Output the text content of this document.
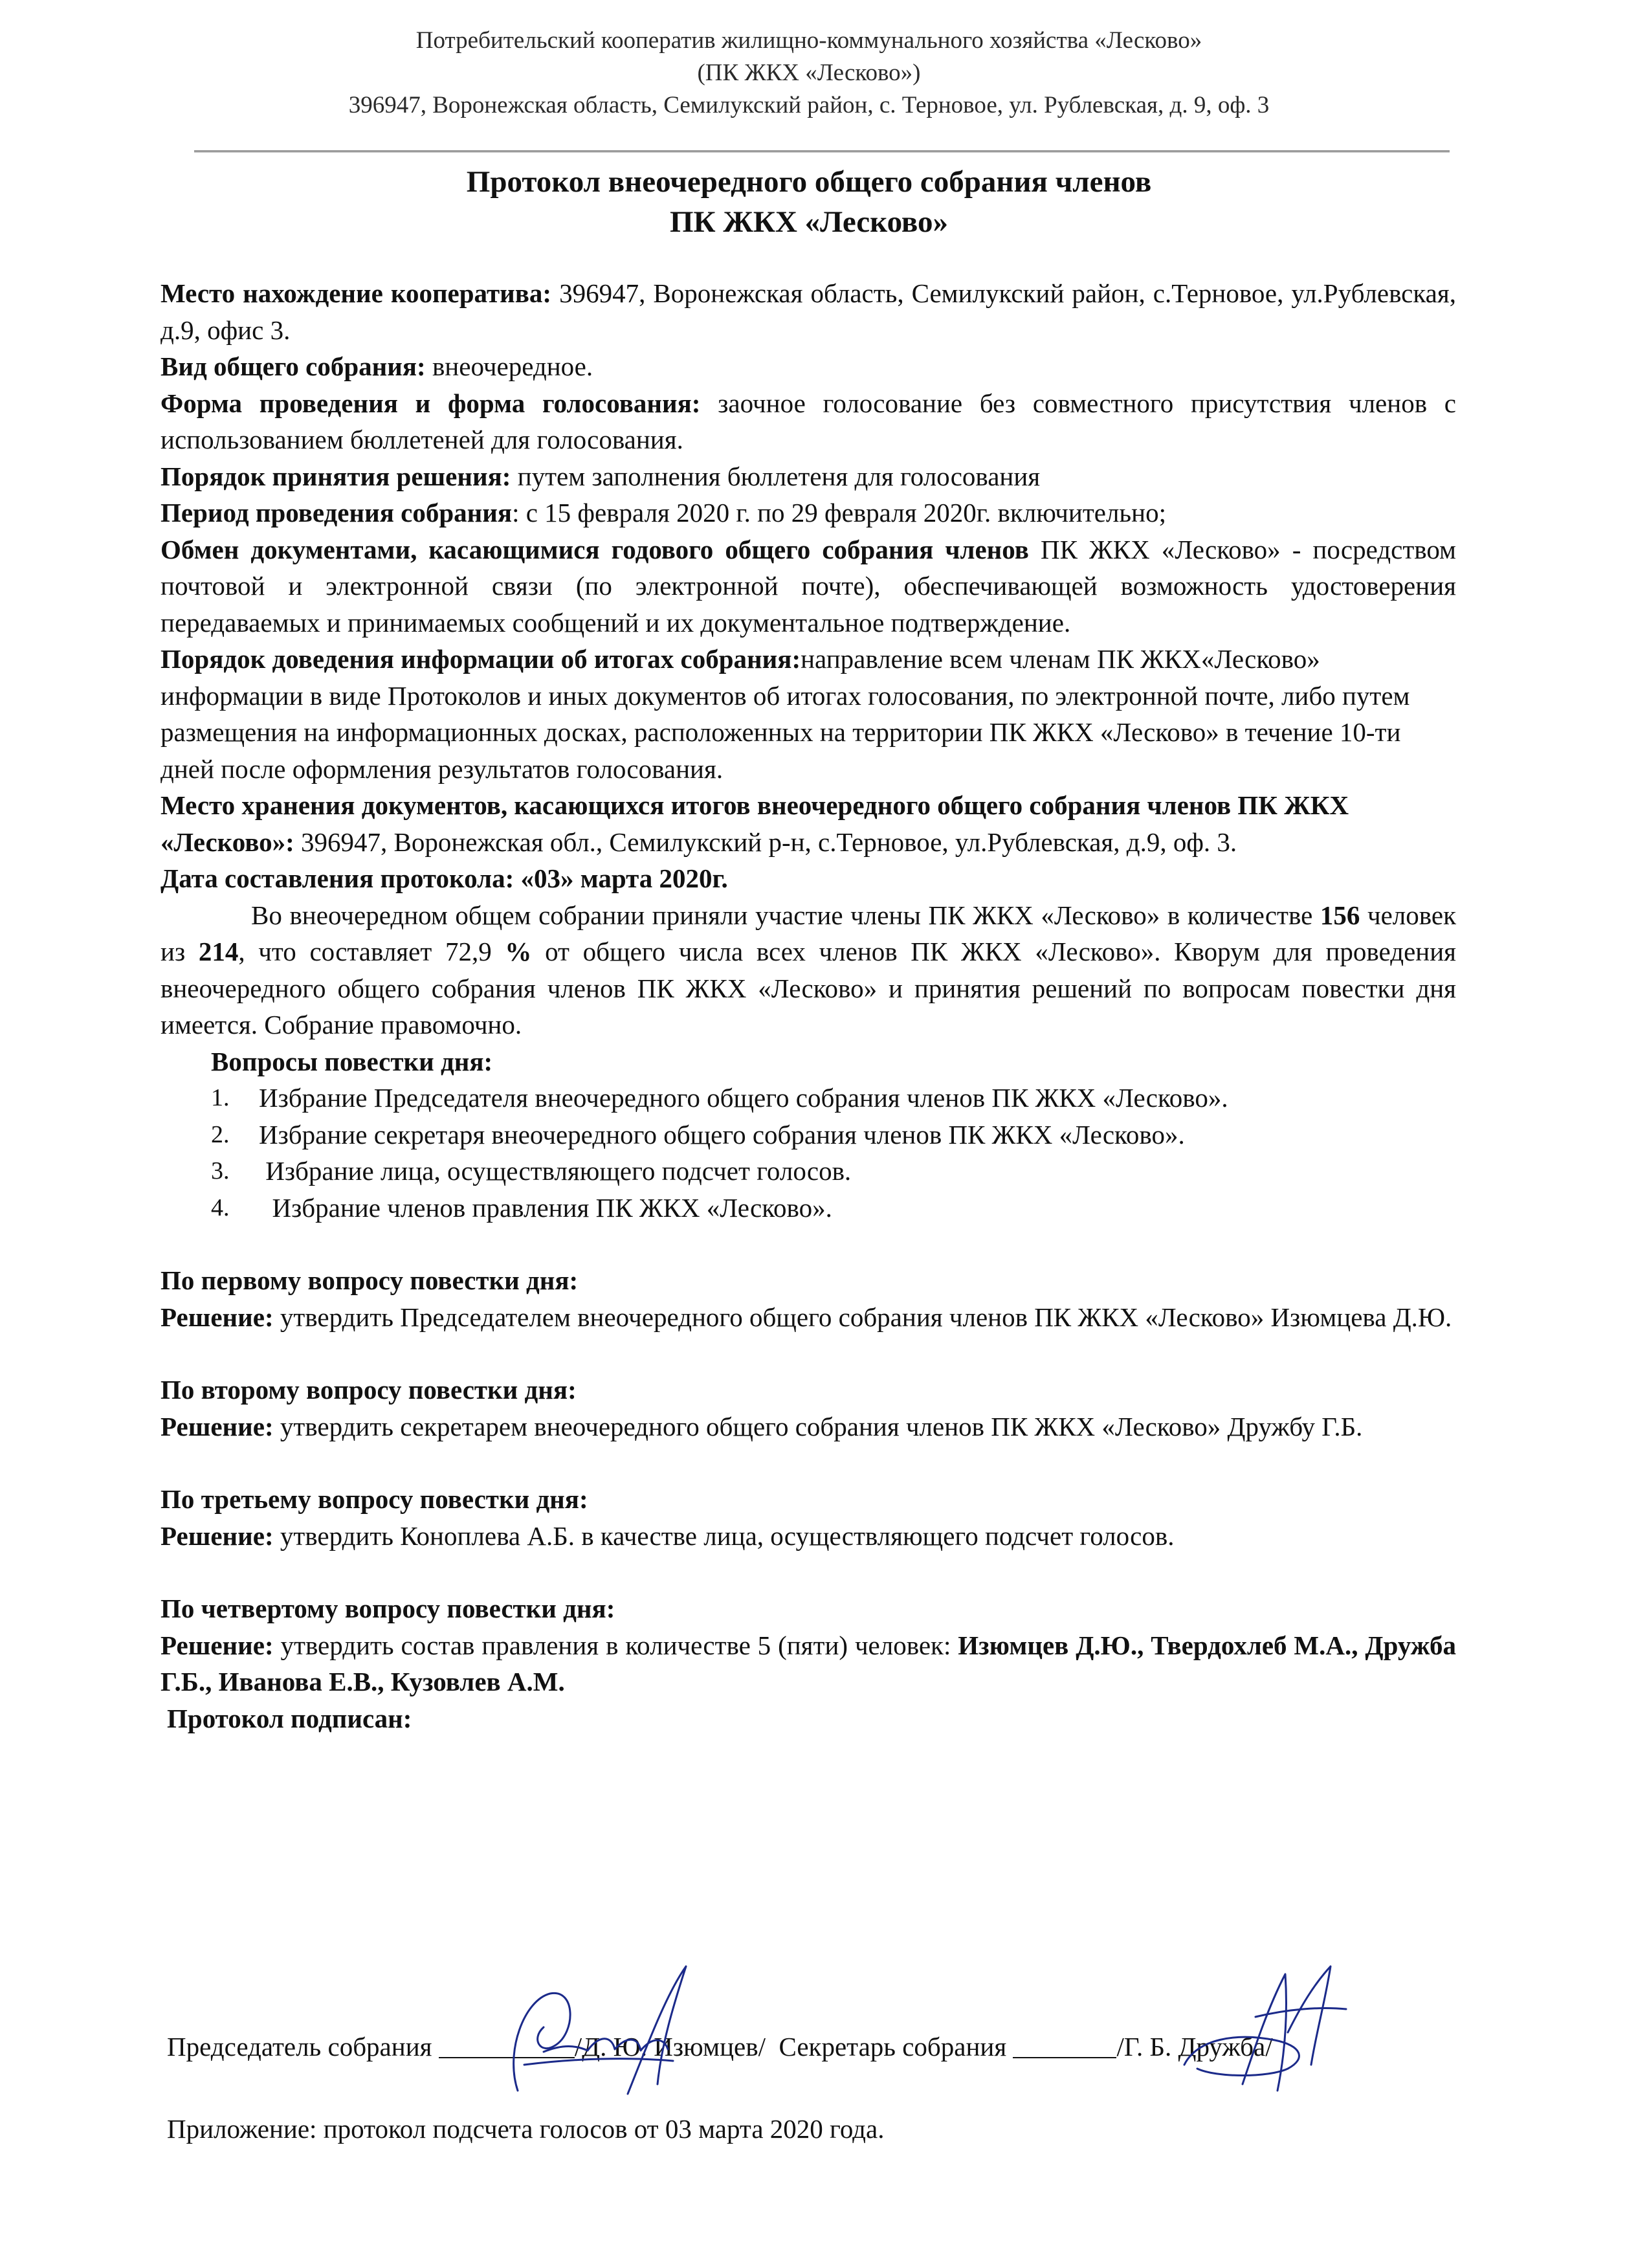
Потребительский кооператив жилищно-коммунального хозяйства «Лесково»
(ПК ЖКХ «Лесково»)
396947, Воронежская область, Семилукский район, с. Терновое, ул. Рублевская, д. 9, оф. 3
Протокол внеочередного общего собрания членов
ПК ЖКХ «Лесково»

Место нахождение кооператива: 396947, Воронежская область, Семилукский район, с.Терновое, ул.Рублевская, д.9, офис 3.

Вид общего собрания: внеочередное.

Форма проведения и форма голосования: заочное голосование без совместного присутствия членов с использованием бюллетеней для голосования.

Порядок принятия решения: путем заполнения бюллетеня для голосования

Период проведения собрания: с 15 февраля 2020 г. по 29 февраля 2020г. включительно;

Обмен документами, касающимися годового общего собрания членов ПК ЖКХ «Лесково» - посредством почтовой и электронной связи (по электронной почте), обеспечивающей возможность удостоверения передаваемых и принимаемых сообщений и их документальное подтверждение.

Порядок доведения информации об итогах собрания:направление всем членам ПК ЖКХ«Лесково» информации в виде Протоколов и иных документов об итогах голосования, по электронной почте, либо путем размещения на информационных досках, расположенных на территории ПК ЖКХ «Лесково» в течение 10-ти дней после оформления результатов голосования.

Место хранения документов, касающихся итогов внеочередного общего собрания членов ПК ЖКХ «Лесково»: 396947, Воронежская обл., Семилукский р-н, с.Терновое, ул.Рублевская, д.9, оф. 3.

Дата составления протокола: «03» марта 2020г.

Во внеочередном общем собрании приняли участие члены ПК ЖКХ «Лесково» в количестве 156 человек из 214, что составляет 72,9 % от общего числа всех членов ПК ЖКХ «Лесково». Кворум для проведения внеочередного общего собрания членов ПК ЖКХ «Лесково» и принятия решений по вопросам повестки дня имеется. Собрание правомочно.

Вопросы повестки дня:

1. Избрание Председателя внеочередного общего собрания членов ПК ЖКХ «Лесково».
2. Избрание секретаря внеочередного общего собрания членов ПК ЖКХ «Лесково».
3. Избрание лица, осуществляющего подсчет голосов.
4. Избрание членов правления ПК ЖКХ «Лесково».

По первому вопросу повестки дня:

Решение: утвердить Председателем внеочередного общего собрания членов ПК ЖКХ «Лесково» Изюмцева Д.Ю.

По второму вопросу повестки дня:

Решение: утвердить секретарем внеочередного общего собрания членов ПК ЖКХ «Лесково» Дружбу Г.Б.

По третьему вопросу повестки дня:

Решение: утвердить Коноплева А.Б. в качестве лица, осуществляющего подсчет голосов.

По четвертому вопросу повестки дня:

Решение: утвердить состав правления в количестве 5 (пяти) человек: Изюмцев Д.Ю., Твердохлеб М.А., Дружба Г.Б., Иванова Е.В., Кузовлев А.М.

Протокол подписан:

Председатель собрания	/Д. Ю. Изюмцев/  Секретарь собрания	/Г. Б. Дружба/
Приложение: протокол подсчета голосов от 03 марта 2020 года.
